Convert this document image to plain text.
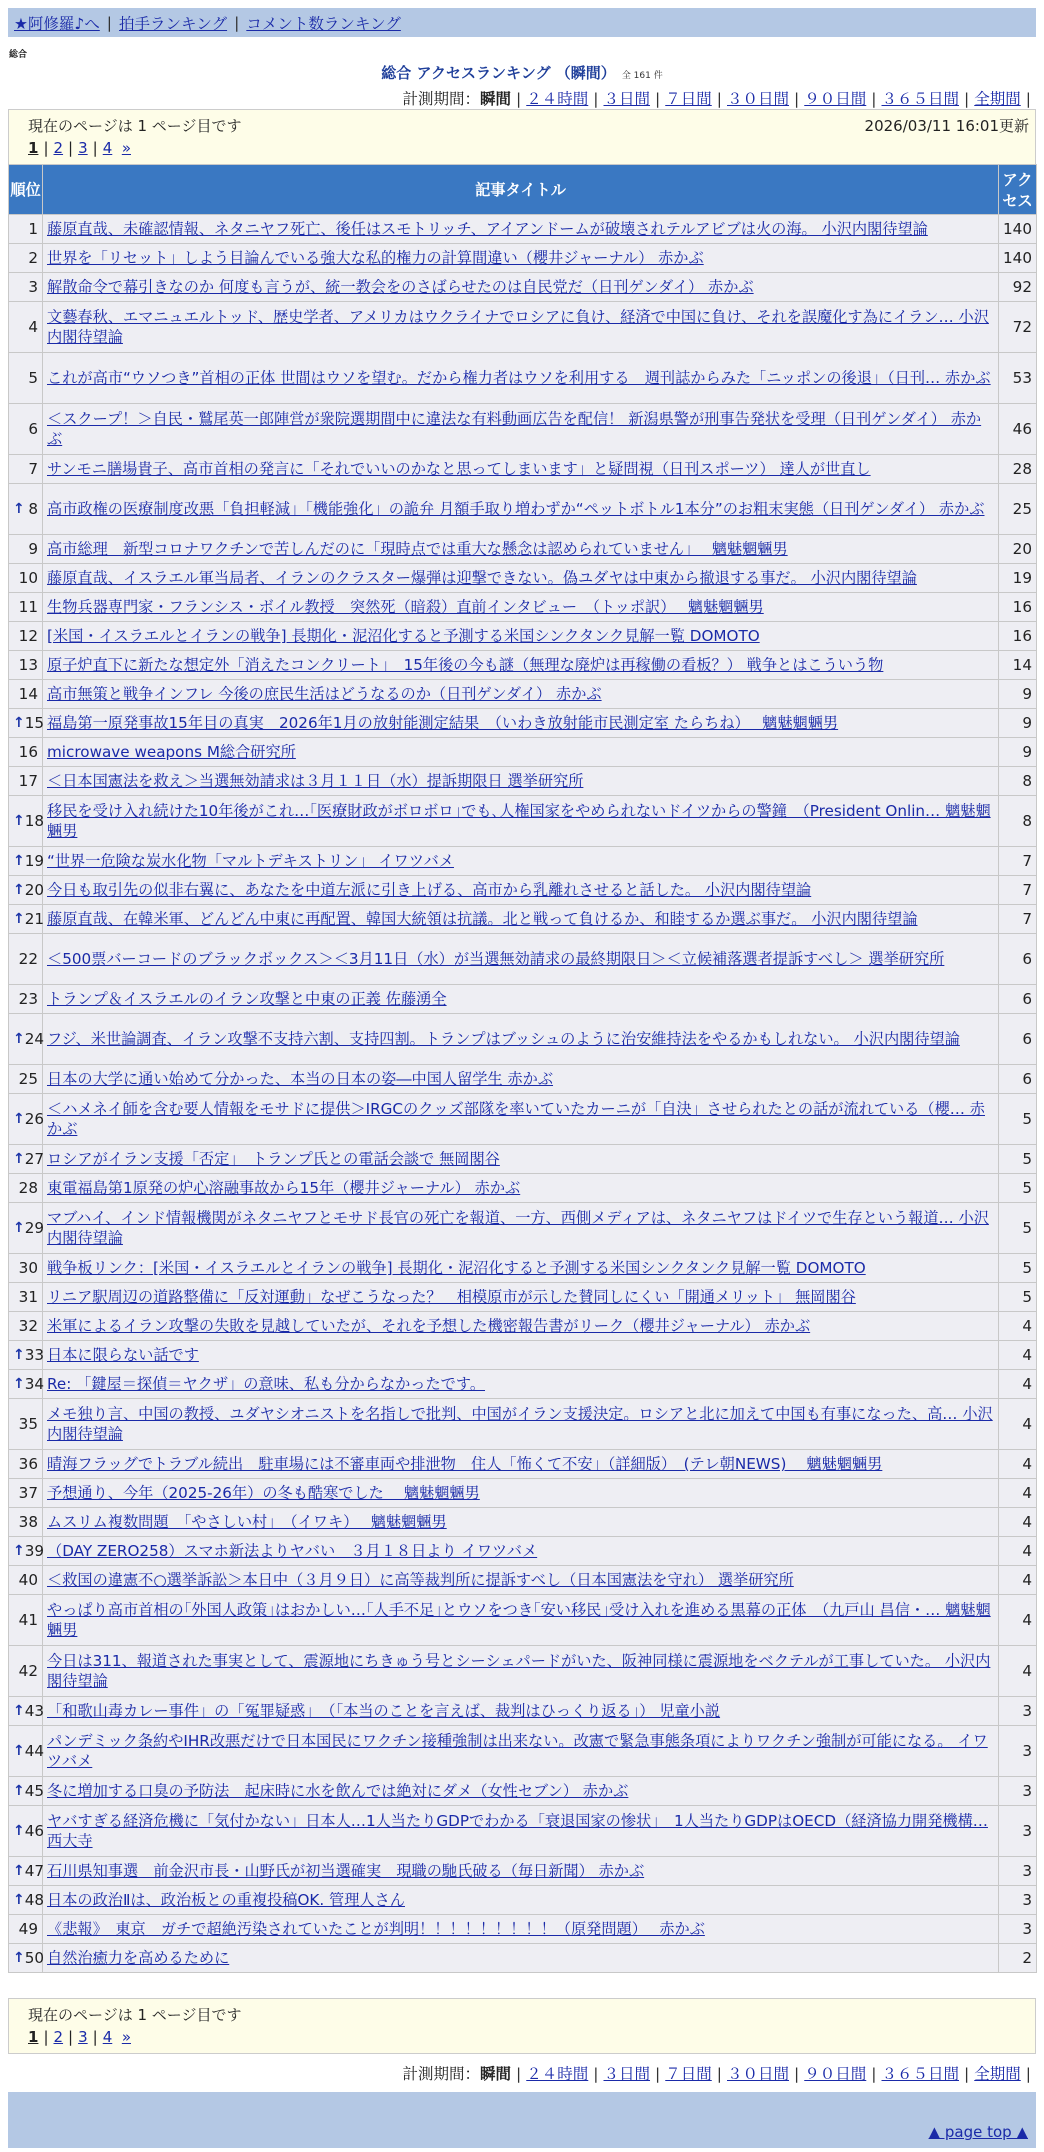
★阿修羅♪へ | 拍手ランキング | コメント数ランキング
総合
総合 アクセスランキング （瞬間） 全 161 件
計測期間：瞬間 | ２４時間 | ３日間 | ７日間 | ３０日間 | ９０日間 | ３６５日間 | 全期間 |
現在のページは 1 ページ目です
1 | 2 | 3 | 4 »
2026/03/11 16:01更新
順位	記事タイトル	アクセス
1	藤原直哉、未確認情報、ネタニヤフ死亡、後任はスモトリッチ、アイアンドームが破壊されテルアビブは火の海。 小沢内閣待望論	140
2	世界を「リセット」しよう目論んでいる強大な私的権力の計算間違い（櫻井ジャーナル） 赤かぶ	140
3	解散命令で幕引きなのか 何度も言うが、統一教会をのさばらせたのは自民党だ（日刊ゲンダイ） 赤かぶ	92
4	文藝春秋、エマニュエルトッド、歴史学者、アメリカはウクライナでロシアに負け、経済で中国に負け、それを誤魔化す為にイラン… 小沢内閣待望論	72
5	これが高市“ウソつき”首相の正体 世間はウソを望む。だから権力者はウソを利用する　週刊誌からみた「ニッポンの後退」（日刊… 赤かぶ	53
6	＜スクープ！＞自民・鷲尾英一郎陣営が衆院選期間中に違法な有料動画広告を配信！ 新潟県警が刑事告発状を受理（日刊ゲンダイ） 赤かぶ	46
7	サンモニ膳場貴子、高市首相の発言に「それでいいのかなと思ってしまいます」と疑問視（日刊スポーツ） 達人が世直し	28

↑ 8	高市政権の医療制度改悪「負担軽減」「機能強化」の詭弁 月額手取り増わずか“ペットボトル1本分”のお粗末実態（日刊ゲンダイ） 赤かぶ	25
9	高市総理　新型コロナワクチンで苦しんだのに「現時点では重大な懸念は認められていません」　 魑魅魍魎男	20
10	藤原直哉、イスラエル軍当局者、イランのクラスター爆弾は迎撃できない。偽ユダヤは中東から撤退する事だ。 小沢内閣待望論	19
11	生物兵器専門家・フランシス・ボイル教授　突然死（暗殺）直前インタビュー　（トッポ訳）　 魑魅魍魎男	16
12	[米国・イスラエルとイランの戦争] 長期化・泥沼化すると予測する米国シンクタンク見解一覧 DOMOTO	16
13	原子炉直下に新たな想定外「消えたコンクリート」　15年後の今も謎（無理な廃炉は再稼働の看板？） 戦争とはこういう物	14
14	高市無策と戦争インフレ 今後の庶民生活はどうなるのか（日刊ゲンダイ） 赤かぶ	9

↑ 15	福島第一原発事故15年目の真実　2026年1月の放射能測定結果　（いわき放射能市民測定室 たらちね）　 魑魅魍魎男	9
16	microwave weapons M総合研究所	9
17	＜日本国憲法を救え＞当選無効請求は３月１１日（水）提訴期限日 選挙研究所	8

↑ 18	移民を受け入れ続けた10年後がこれ…｢医療財政がボロボロ｣でも､人権国家をやめられないドイツからの警鐘　（President Onlin… 魑魅魍魎男	8

↑ 19	“世界一危険な炭水化物「マルトデキストリン」 イワツバメ	7

↑ 20	今日も取引先の似非右翼に、あなたを中道左派に引き上げる、高市から乳離れさせると話した。 小沢内閣待望論	7

↑ 21	藤原直哉、在韓米軍、どんどん中東に再配置、韓国大統領は抗議。北と戦って負けるか、和睦するか選ぶ事だ。 小沢内閣待望論	7
22	＜500票バーコードのブラックボックス＞＜3月11日（水）が当選無効請求の最終期限日＞＜立候補落選者提訴すべし＞ 選挙研究所	6
23	トランプ＆イスラエルのイラン攻撃と中東の正義 佐藤湧全	6

↑ 24	フジ、米世論調査、イラン攻撃不支持六割、支持四割。トランプはブッシュのように治安維持法をやるかもしれない。 小沢内閣待望論	6
25	日本の大学に通い始めて分かった、本当の日本の姿―中国人留学生 赤かぶ	6

↑ 26	＜ハメネイ師を含む要人情報をモサドに提供＞IRGCのクッズ部隊を率いていたカーニが「自決」させられたとの話が流れている（櫻… 赤かぶ	5

↑ 27	ロシアがイラン支援「否定」　トランプ氏との電話会談で 無岡閣谷	5
28	東電福島第1原発の炉心溶融事故から15年（櫻井ジャーナル） 赤かぶ	5

↑ 29	マブハイ、インド情報機関がネタニヤフとモサド長官の死亡を報道、一方、西側メディアは、ネタニヤフはドイツで生存という報道… 小沢内閣待望論	5
30	戦争板リンク：[米国・イスラエルとイランの戦争] 長期化・泥沼化すると予測する米国シンクタンク見解一覧 DOMOTO	5
31	リニア駅周辺の道路整備に「反対運動」なぜこうなった？　相模原市が示した賛同しにくい「開通メリット」 無岡閣谷	5
32	米軍によるイラン攻撃の失敗を見越していたが、それを予想した機密報告書がリーク（櫻井ジャーナル） 赤かぶ	4

↑ 33	日本に限らない話です	4

↑ 34	Re: 「鍵屋＝探偵＝ヤクザ」の意味、私も分からなかったです。	4
35	メモ独り言、中国の教授、ユダヤシオニストを名指しで批判、中国がイラン支援決定。ロシアと北に加えて中国も有事になった、高… 小沢内閣待望論	4
36	晴海フラッグでトラブル続出　駐車場には不審車両や排泄物　住人「怖くて不安」（詳細版）　(テレ朝NEWS)　 魑魅魍魎男	4
37	予想通り、今年（2025-26年）の冬も酷寒でした　 魑魅魍魎男	4
38	ムスリム複数問題　「やさしい村」　（イワキ）　 魑魅魍魎男	4

↑ 39	（DAY ZERO258）スマホ新法よりヤバい　３月１８日より イワツバメ	4
40	＜救国の違憲不○選挙訴訟＞本日中（３月９日）に高等裁判所に提訴すべし（日本国憲法を守れ） 選挙研究所	4
41	やっぱり高市首相の｢外国人政策｣はおかしい…｢人手不足｣とウソをつき｢安い移民｣受け入れを進める黒幕の正体　（九戸山 昌信・… 魑魅魍魎男	4
42	今日は311、報道された事実として、震源地にちきゅう号とシーシェパードがいた、阪神同様に震源地をベクテルが工事していた。 小沢内閣待望論	4

↑ 43	「和歌山毒カレー事件」の「冤罪疑惑」　（「本当のことを言えば、裁判はひっくり返る」） 児童小説	3

↑ 44	パンデミック条約やIHR改悪だけで日本国民にワクチン接種強制は出来ない。改憲で緊急事態条項によりワクチン強制が可能になる。 イワツバメ	3

↑ 45	冬に増加する口臭の予防法　起床時に水を飲んでは絶対にダメ（女性セブン） 赤かぶ	3

↑ 46	ヤバすぎる経済危機に「気付かない」日本人…1人当たりGDPでわかる「衰退国家の惨状」　1人当たりGDPはOECD（経済協力開発機構… 西大寺	3

↑ 47	石川県知事選　前金沢市長・山野氏が初当選確実　現職の馳氏破る（毎日新聞） 赤かぶ	3

↑ 48	日本の政治Ⅱは、政治板との重複投稿OK. 管理人さん	3
49	《悲報》　東京　ガチで超絶汚染されていたことが判明！！！！！！！！！（原発問題）　 赤かぶ	3

↑ 50	自然治癒力を高めるために	2
現在のページは 1 ページ目です
1 | 2 | 3 | 4 »
計測期間：瞬間 | ２４時間 | ３日間 | ７日間 | ３０日間 | ９０日間 | ３６５日間 | 全期間 |
▲ page top ▲
